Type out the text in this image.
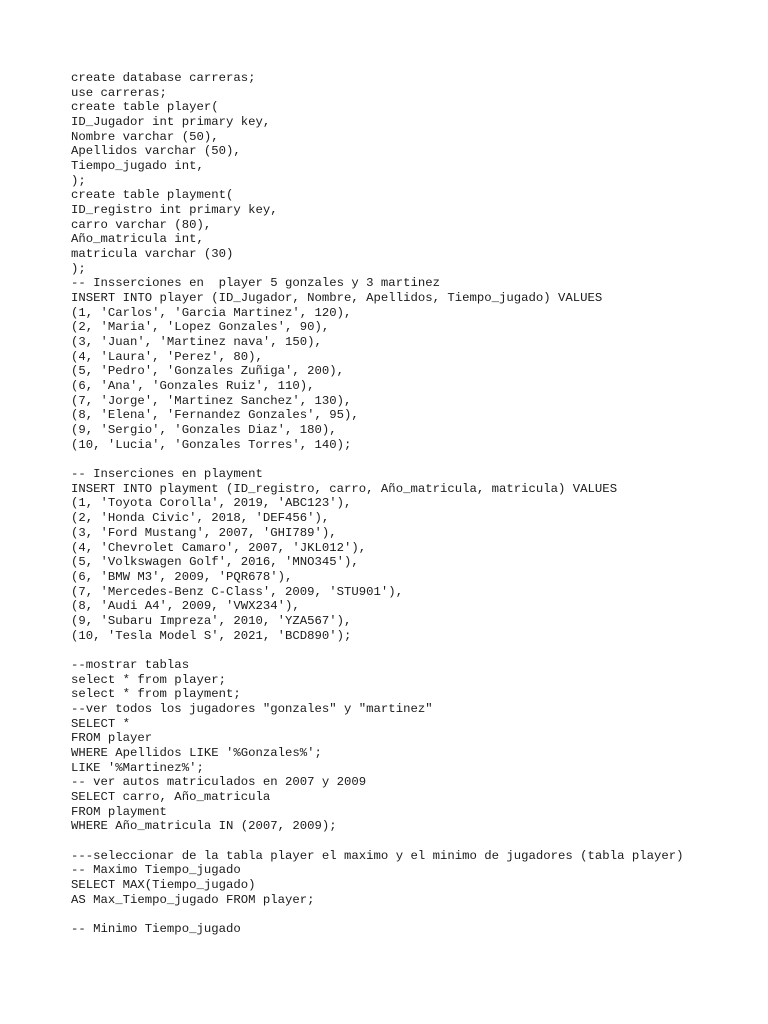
create database carreras;
use carreras;
create table player(
ID_Jugador int primary key,
Nombre varchar (50),
Apellidos varchar (50),
Tiempo_jugado int,
);
create table playment(
ID_registro int primary key,
carro varchar (80),
Año_matricula int,
matricula varchar (30)
);
-- Insserciones en  player 5 gonzales y 3 martinez
INSERT INTO player (ID_Jugador, Nombre, Apellidos, Tiempo_jugado) VALUES
(1, 'Carlos', 'Garcia Martinez', 120),
(2, 'Maria', 'Lopez Gonzales', 90),
(3, 'Juan', 'Martinez nava', 150),
(4, 'Laura', 'Perez', 80),
(5, 'Pedro', 'Gonzales Zuñiga', 200),
(6, 'Ana', 'Gonzales Ruiz', 110),
(7, 'Jorge', 'Martinez Sanchez', 130),
(8, 'Elena', 'Fernandez Gonzales', 95),
(9, 'Sergio', 'Gonzales Diaz', 180),
(10, 'Lucia', 'Gonzales Torres', 140);
-- Inserciones en playment
INSERT INTO playment (ID_registro, carro, Año_matricula, matricula) VALUES
(1, 'Toyota Corolla', 2019, 'ABC123'),
(2, 'Honda Civic', 2018, 'DEF456'),
(3, 'Ford Mustang', 2007, 'GHI789'),
(4, 'Chevrolet Camaro', 2007, 'JKL012'),
(5, 'Volkswagen Golf', 2016, 'MNO345'),
(6, 'BMW M3', 2009, 'PQR678'),
(7, 'Mercedes-Benz C-Class', 2009, 'STU901'),
(8, 'Audi A4', 2009, 'VWX234'),
(9, 'Subaru Impreza', 2010, 'YZA567'),
(10, 'Tesla Model S', 2021, 'BCD890');
--mostrar tablas
select * from player;
select * from playment;
--ver todos los jugadores "gonzales" y "martinez"
SELECT *
FROM player
WHERE Apellidos LIKE '%Gonzales%';
LIKE '%Martinez%';
-- ver autos matriculados en 2007 y 2009
SELECT carro, Año_matricula
FROM playment
WHERE Año_matricula IN (2007, 2009);
---seleccionar de la tabla player el maximo y el minimo de jugadores (tabla player)
-- Maximo Tiempo_jugado
SELECT MAX(Tiempo_jugado)
AS Max_Tiempo_jugado FROM player;
-- Minimo Tiempo_jugado
